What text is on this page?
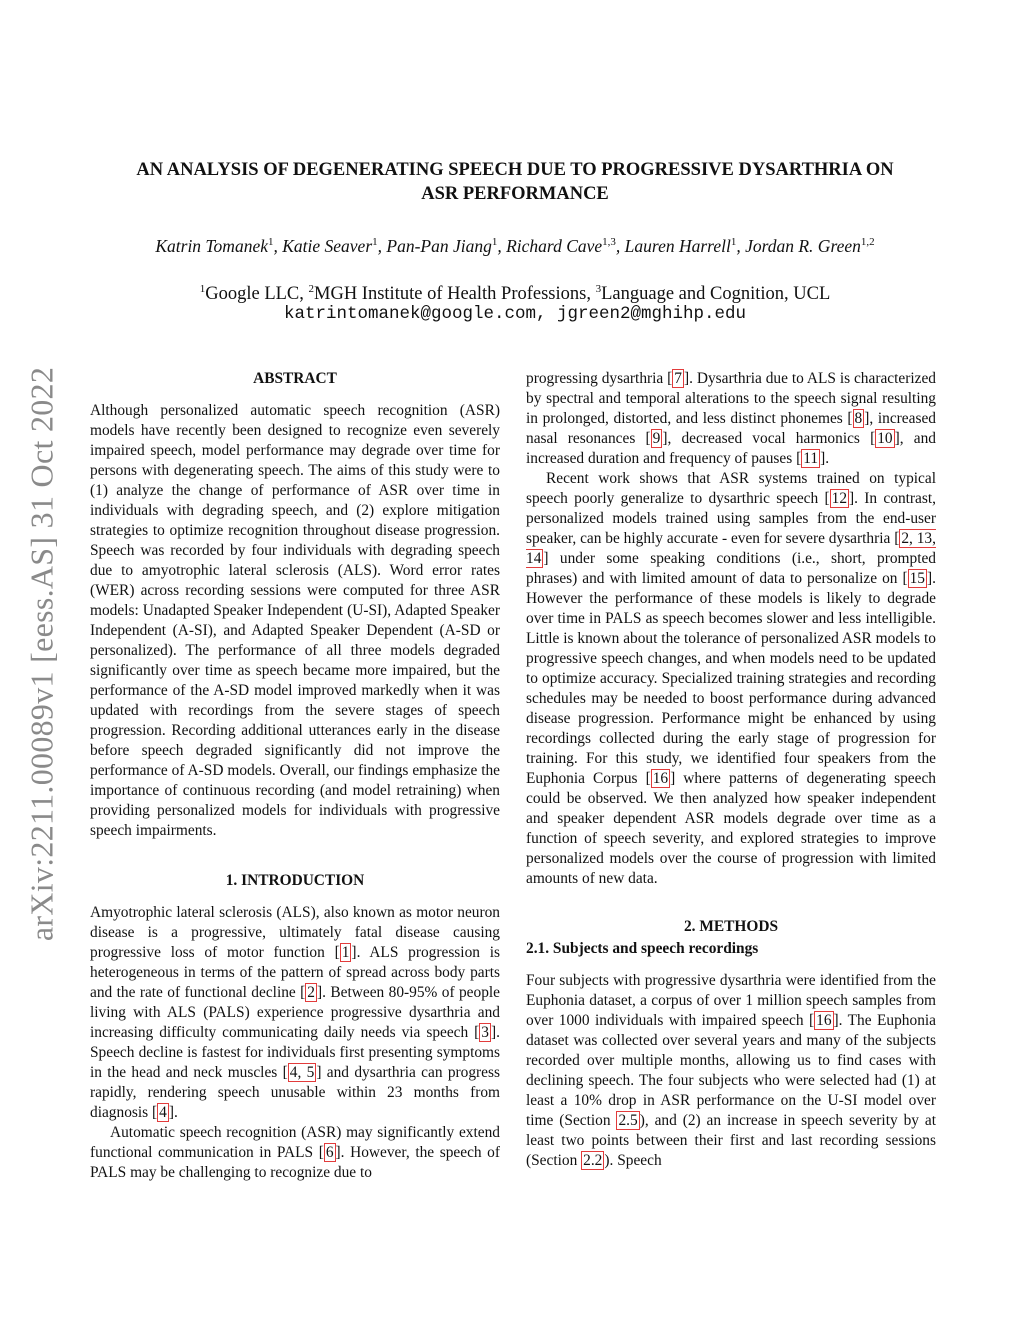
arXiv:2211.00089v1 [eess.AS] 31 Oct 2022
AN ANALYSIS OF DEGENERATING SPEECH DUE TO PROGRESSIVE DYSARTHRIA ON
ASR PERFORMANCE
Katrin Tomanek$^1$, Katie Seaver$^1$, Pan-Pan Jiang$^1$, Richard Cave$^{1,3}$, Lauren Harrell$^1$, Jordan R. Green$^{1,2}$
$^1$Google LLC, $^2$MGH Institute of Health Professions, $^3$Language and Cognition, UCL
katrintomanek@google.com, jgreen2@mghihp.edu
ABSTRACT

Although personalized automatic speech recognition (ASR) models have recently been designed to recognize even severely impaired speech, model performance may degrade over time for persons with degenerating speech. The aims of this study were to (1) analyze the change of performance of ASR over time in individuals with degrading speech, and (2) explore mitigation strategies to optimize recognition throughout disease progression. Speech was recorded by four individuals with degrading speech due to amyotrophic lateral sclerosis (ALS). Word error rates (WER) across recording sessions were computed for three ASR models: Unadapted Speaker Independent (U-SI), Adapted Speaker Independent (A-SI), and Adapted Speaker Dependent (A-SD or personalized). The performance of all three models degraded significantly over time as speech became more impaired, but the performance of the A-SD model improved markedly when it was updated with recordings from the severe stages of speech progression. Recording additional utterances early in the disease before speech degraded significantly did not improve the performance of A-SD models. Overall, our findings emphasize the importance of continuous recording (and model retraining) when providing personalized models for individuals with progressive speech impairments.

1. INTRODUCTION

Amyotrophic lateral sclerosis (ALS), also known as motor neuron disease is a progressive, ultimately fatal disease causing progressive loss of motor function [ 1 ]. ALS progression is heterogeneous in terms of the pattern of spread across body parts and the rate of functional decline [ 2 ]. Between 80-95% of people living with ALS (PALS) experience progressive dysarthria and increasing difficulty communicating daily needs via speech [ 3 ]. Speech decline is fastest for individuals first presenting symptoms in the head and neck muscles [ 4, 5 ] and dysarthria can progress rapidly, rendering speech unusable within 23 months from diagnosis [ 4 ].

Automatic speech recognition (ASR) may significantly extend functional communication in PALS [ 6 ]. However, the speech of PALS may be challenging to recognize due to

progressing dysarthria [ 7 ]. Dysarthria due to ALS is characterized by spectral and temporal alterations to the speech signal resulting in prolonged, distorted, and less distinct phonemes [ 8 ], increased nasal resonances [ 9 ], decreased vocal harmonics [ 10 ], and increased duration and frequency of pauses [ 11 ].

Recent work shows that ASR systems trained on typical speech poorly generalize to dysarthric speech [ 12 ]. In contrast, personalized models trained using samples from the end-user speaker, can be highly accurate - even for severe dysarthria [ 2, 13, 14 ] under some speaking conditions (i.e., short, prompted phrases) and with limited amount of data to personalize on [ 15 ]. However the performance of these models is likely to degrade over time in PALS as speech becomes slower and less intelligible. Little is known about the tolerance of personalized ASR models to progressive speech changes, and when models need to be updated to optimize accuracy. Specialized training strategies and recording schedules may be needed to boost performance during advanced disease progression. Performance might be enhanced by using recordings collected during the early stage of progression for training. For this study, we identified four speakers from the Euphonia Corpus [ 16 ] where patterns of degenerating speech could be observed. We then analyzed how speaker independent and speaker dependent ASR models degrade over time as a function of speech severity, and explored strategies to improve personalized models over the course of progression with limited amounts of new data.

2. METHODS
2.1. Subjects and speech recordings

Four subjects with progressive dysarthria were identified from the Euphonia dataset, a corpus of over 1 million speech samples from over 1000 individuals with impaired speech [ 16 ]. The Euphonia dataset was collected over several years and many of the subjects recorded over multiple months, allowing us to find cases with declining speech. The four subjects who were selected had (1) at least a 10% drop in ASR performance on the U-SI model over time (Section 2.5 ), and (2) an increase in speech severity by at least two points between their first and last recording sessions (Section 2.2 ). Speech
